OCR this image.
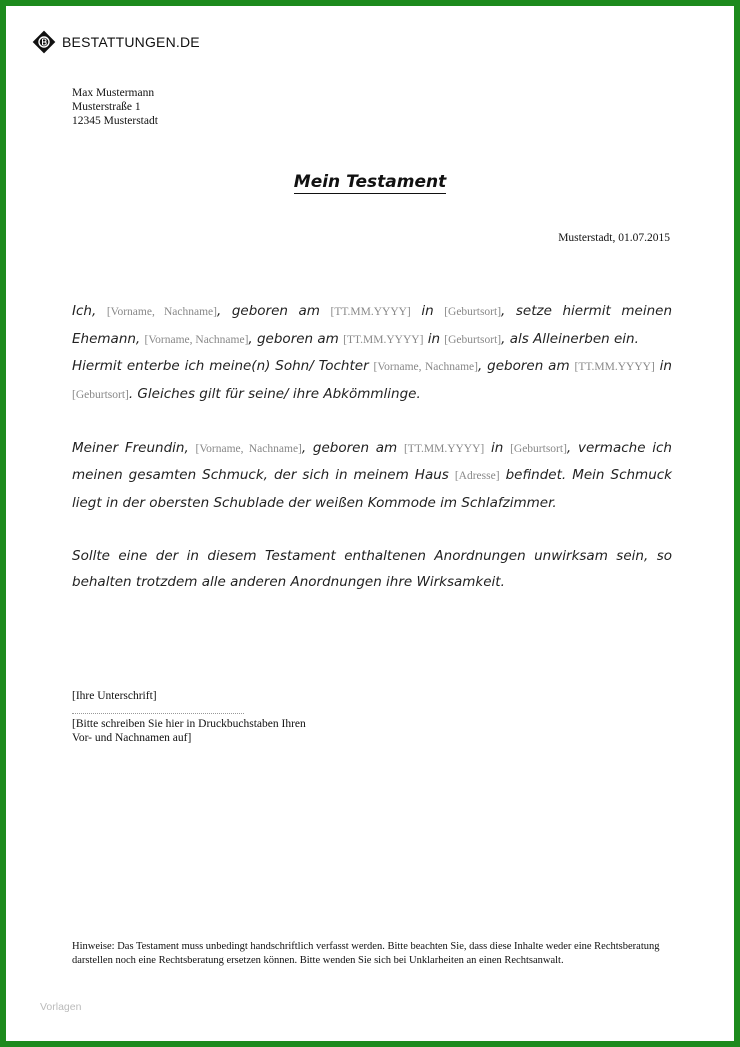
BESTATTUNGEN.DE
Max Mustermann
Musterstraße 1
12345 Musterstadt
Mein Testament
Musterstadt, 01.07.2015

Ich, [Vorname, Nachname], geboren am [TT.MM.YYYY] in [Geburtsort], setze hiermit meinen Ehemann, [Vorname, Nachname], geboren am [TT.MM.YYYY] in [Geburtsort], als Alleinerben ein.
Hiermit enterbe ich meine(n) Sohn/ Tochter [Vorname, Nachname], geboren am [TT.MM.YYYY] in [Geburtsort]. Gleiches gilt für seine/ ihre Abkömmlinge.

Meiner Freundin, [Vorname, Nachname], geboren am [TT.MM.YYYY] in [Geburtsort], vermache ich meinen gesamten Schmuck, der sich in meinem Haus [Adresse] befindet. Mein Schmuck liegt in der obersten Schublade der weißen Kommode im Schlafzimmer.

Sollte eine der in diesem Testament enthaltenen Anordnungen unwirksam sein, so behalten trotzdem alle anderen Anordnungen ihre Wirksamkeit.

[Ihre Unterschrift]
[Bitte schreiben Sie hier in Druckbuchstaben Ihren
Vor- und Nachnamen auf]
Hinweise: Das Testament muss unbedingt handschriftlich verfasst werden. Bitte beachten Sie, dass diese Inhalte weder eine Rechtsberatung darstellen noch eine Rechtsberatung ersetzen können. Bitte wenden Sie sich bei Unklarheiten an einen Rechtsanwalt.
Vorlagen
